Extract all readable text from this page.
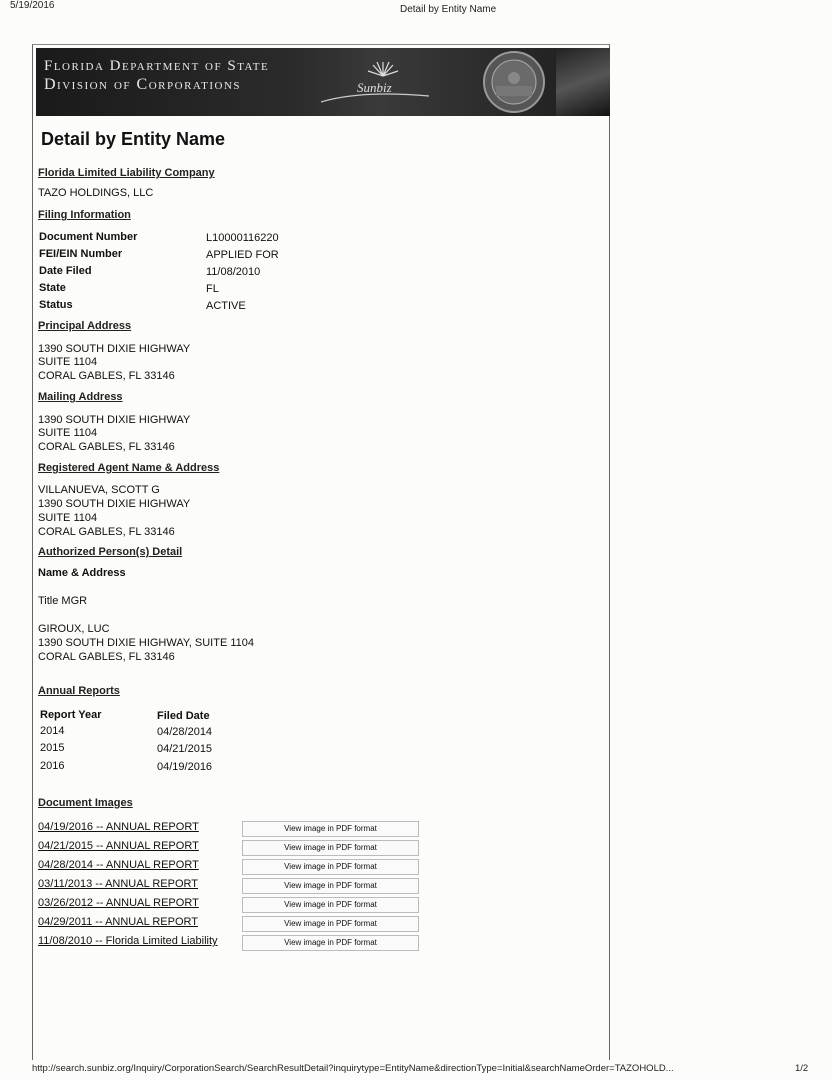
5/19/2016	Detail by Entity Name
Florida Department of State
Division of Corporations	Sunbiz
Detail by Entity Name
Florida Limited Liability Company
TAZO HOLDINGS, LLC
Filing Information
Document Number	L10000116220
FEI/EIN Number	APPLIED FOR
Date Filed	11/08/2010
State	FL
Status	ACTIVE
Principal Address
1390 SOUTH DIXIE HIGHWAY
SUITE 1104
CORAL GABLES, FL 33146
Mailing Address
1390 SOUTH DIXIE HIGHWAY
SUITE 1104
CORAL GABLES, FL 33146
Registered Agent Name & Address
VILLANUEVA, SCOTT G
1390 SOUTH DIXIE HIGHWAY
SUITE 1104
CORAL GABLES, FL 33146
Authorized Person(s) Detail
Name & Address
Title MGR
GIROUX, LUC
1390 SOUTH DIXIE HIGHWAY, SUITE 1104
CORAL GABLES, FL 33146
Annual Reports
Report Year	Filed Date
2014	04/28/2014
2015	04/21/2015
2016	04/19/2016
Document Images
04/19/2016 -- ANNUAL REPORT	View image in PDF format
04/21/2015 -- ANNUAL REPORT	View image in PDF format
04/28/2014 -- ANNUAL REPORT	View image in PDF format
03/11/2013 -- ANNUAL REPORT	View image in PDF format
03/26/2012 -- ANNUAL REPORT	View image in PDF format
04/29/2011 -- ANNUAL REPORT	View image in PDF format
11/08/2010 -- Florida Limited Liability	View image in PDF format
http://search.sunbiz.org/Inquiry/CorporationSearch/SearchResultDetail?inquirytype=EntityName&directionType=Initial&searchNameOrder=TAZOHOLD...	1/2
